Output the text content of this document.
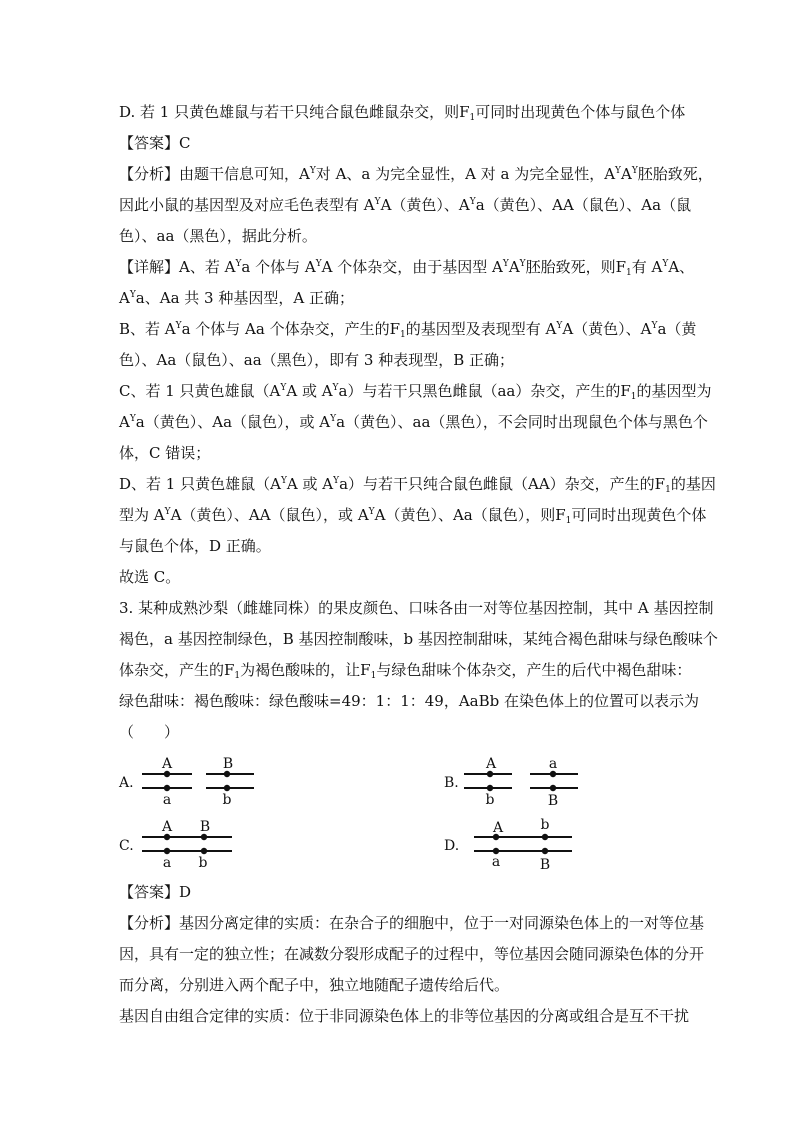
D. 若 1 只黄色雄鼠与若干只纯合鼠色雌鼠杂交，则$F_1$可同时出现黄色个体与鼠色个体
【答案】C
【分析】由题干信息可知，$A^Y$对 A、a 为完全显性，A 对 a 为完全显性，$A^YA^Y$胚胎致死，
因此小鼠的基因型及对应毛色表型有 $A^YA$（黄色）、$A^Ya$（黄色）、AA（鼠色）、Aa（鼠
色）、aa（黑色），据此分析。
【详解】A、若 $A^Ya$ 个体与 $A^YA$ 个体杂交，由于基因型 $A^YA^Y$胚胎致死，则$F_1$有 $A^YA$、
$A^Ya$、Aa 共 3 种基因型，A 正确；
B、若 $A^Ya$ 个体与 Aa 个体杂交，产生的$F_1$的基因型及表现型有 $A^YA$（黄色）、$A^Ya$（黄
色）、Aa（鼠色）、aa（黑色），即有 3 种表现型，B 正确；
C、若 1 只黄色雄鼠（$A^YA$ 或 $A^Ya$）与若干只黑色雌鼠（aa）杂交，产生的$F_1$的基因型为
$A^Ya$（黄色）、Aa（鼠色），或 $A^Ya$（黄色）、aa（黑色），不会同时出现鼠色个体与黑色个
体，C 错误；
D、若 1 只黄色雄鼠（$A^YA$ 或 $A^Ya$）与若干只纯合鼠色雌鼠（AA）杂交，产生的$F_1$的基因
型为 $A^YA$（黄色）、AA（鼠色），或 $A^YA$（黄色）、Aa（鼠色），则$F_1$可同时出现黄色个体
与鼠色个体，D 正确。
故选 C。
3. 某种成熟沙梨（雌雄同株）的果皮颜色、口味各由一对等位基因控制，其中 A 基因控制
褐色，a 基因控制绿色，B 基因控制酸味，b 基因控制甜味，某纯合褐色甜味与绿色酸味个
体杂交，产生的$F_1$为褐色酸味的，让$F_1$与绿色甜味个体杂交，产生的后代中褐色甜味：
绿色甜味：褐色酸味：绿色酸味=49：1：1：49，AaBb 在染色体上的位置可以表示为
（　　）
A.
A
a
B
b
B.
A
b
a
B
C.
A
a
B
b
D.
A
a
b
B
【答案】D
【分析】基因分离定律的实质：在杂合子的细胞中，位于一对同源染色体上的一对等位基
因，具有一定的独立性；在减数分裂形成配子的过程中，等位基因会随同源染色体的分开
而分离，分别进入两个配子中，独立地随配子遗传给后代。
基因自由组合定律的实质：位于非同源染色体上的非等位基因的分离或组合是互不干扰
